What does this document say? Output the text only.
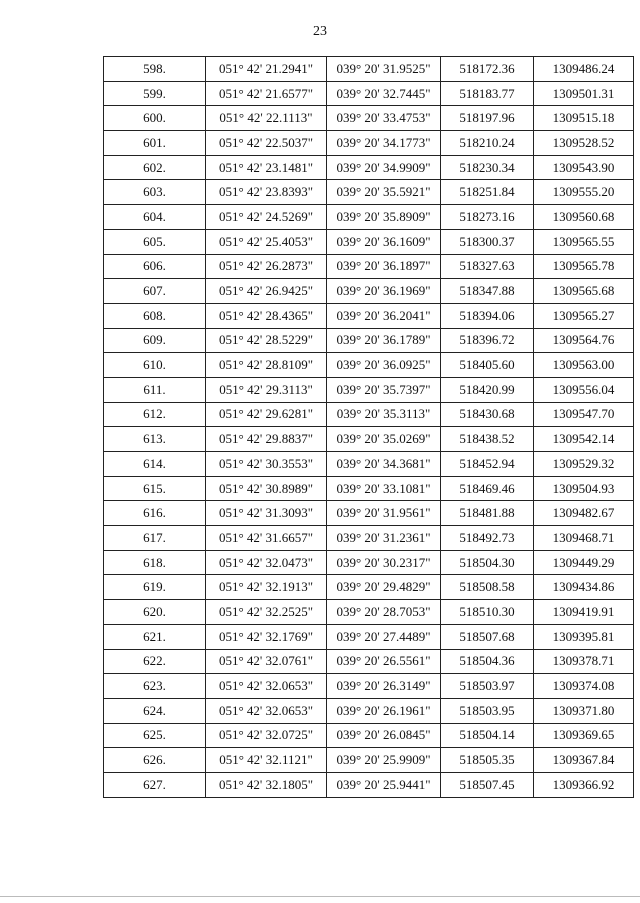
23
598.	051° 42' 21.2941"	039° 20' 31.9525"	518172.36	1309486.24
599.	051° 42' 21.6577"	039° 20' 32.7445"	518183.77	1309501.31
600.	051° 42' 22.1113"	039° 20' 33.4753"	518197.96	1309515.18
601.	051° 42' 22.5037"	039° 20' 34.1773"	518210.24	1309528.52
602.	051° 42' 23.1481"	039° 20' 34.9909"	518230.34	1309543.90
603.	051° 42' 23.8393"	039° 20' 35.5921"	518251.84	1309555.20
604.	051° 42' 24.5269"	039° 20' 35.8909"	518273.16	1309560.68
605.	051° 42' 25.4053"	039° 20' 36.1609"	518300.37	1309565.55
606.	051° 42' 26.2873"	039° 20' 36.1897"	518327.63	1309565.78
607.	051° 42' 26.9425"	039° 20' 36.1969"	518347.88	1309565.68
608.	051° 42' 28.4365"	039° 20' 36.2041"	518394.06	1309565.27
609.	051° 42' 28.5229"	039° 20' 36.1789"	518396.72	1309564.76
610.	051° 42' 28.8109"	039° 20' 36.0925"	518405.60	1309563.00
611.	051° 42' 29.3113"	039° 20' 35.7397"	518420.99	1309556.04
612.	051° 42' 29.6281"	039° 20' 35.3113"	518430.68	1309547.70
613.	051° 42' 29.8837"	039° 20' 35.0269"	518438.52	1309542.14
614.	051° 42' 30.3553"	039° 20' 34.3681"	518452.94	1309529.32
615.	051° 42' 30.8989"	039° 20' 33.1081"	518469.46	1309504.93
616.	051° 42' 31.3093"	039° 20' 31.9561"	518481.88	1309482.67
617.	051° 42' 31.6657"	039° 20' 31.2361"	518492.73	1309468.71
618.	051° 42' 32.0473"	039° 20' 30.2317"	518504.30	1309449.29
619.	051° 42' 32.1913"	039° 20' 29.4829"	518508.58	1309434.86
620.	051° 42' 32.2525"	039° 20' 28.7053"	518510.30	1309419.91
621.	051° 42' 32.1769"	039° 20' 27.4489"	518507.68	1309395.81
622.	051° 42' 32.0761"	039° 20' 26.5561"	518504.36	1309378.71
623.	051° 42' 32.0653"	039° 20' 26.3149"	518503.97	1309374.08
624.	051° 42' 32.0653"	039° 20' 26.1961"	518503.95	1309371.80
625.	051° 42' 32.0725"	039° 20' 26.0845"	518504.14	1309369.65
626.	051° 42' 32.1121"	039° 20' 25.9909"	518505.35	1309367.84
627.	051° 42' 32.1805"	039° 20' 25.9441"	518507.45	1309366.92
